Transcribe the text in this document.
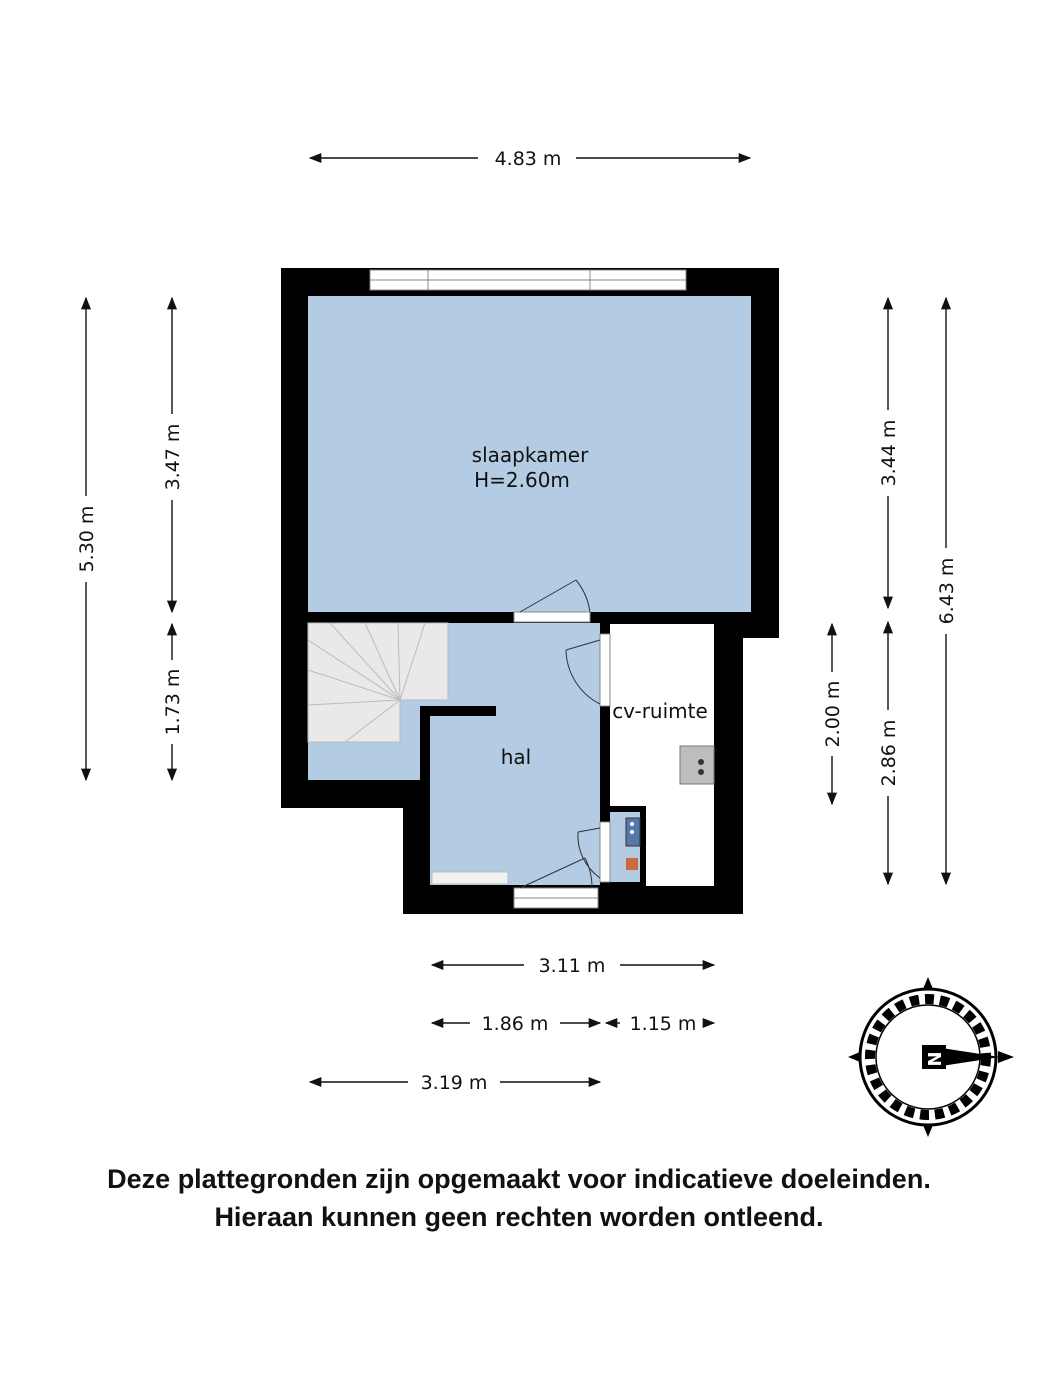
slaapkamer
H=2.60m
hal
cv-ruimte
4.83 m
5.30 m
3.47 m
1.73 m
3.44 m
2.86 m
2.00 m
6.43 m
3.11 m
1.86 m	1.15 m
3.19 m
N
Deze plattegronden zijn opgemaakt voor indicatieve doeleinden.
Hieraan kunnen geen rechten worden ontleend.
